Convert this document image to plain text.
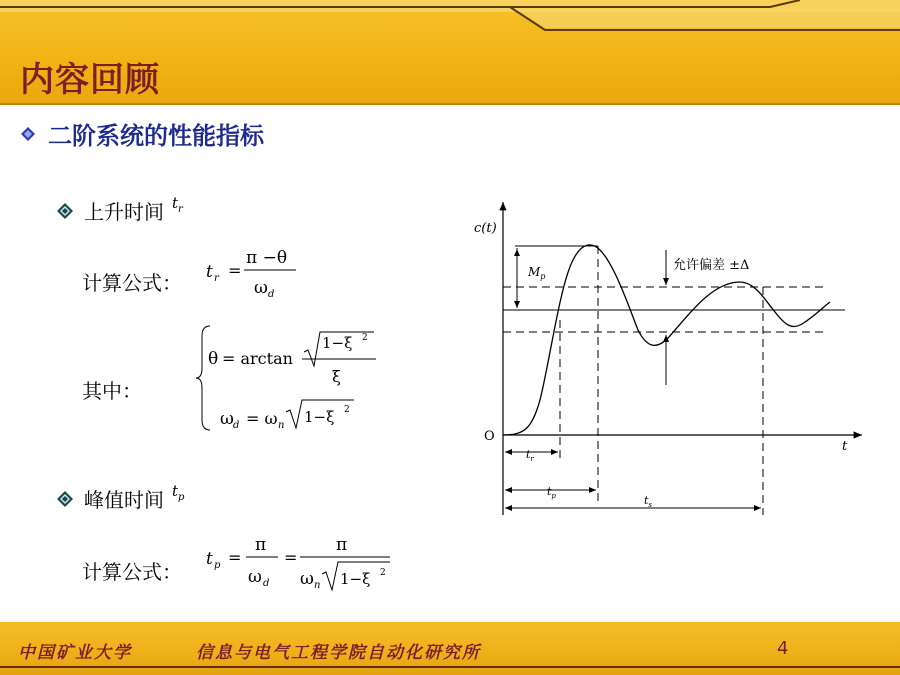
内容回顾
二阶系统的性能指标
上升时间 $t_r$
计算公式： t r =
π −θ
ω d
其中：
θ = arctan
1−ξ 2
ξ
ω d = ω n 1−ξ 2
峰值时间 $t_p$
计算公式：
t p =
π
ω d
=
π
ω n 1−ξ 2
c(t)
t
O
$M_p$
允许偏差 ±Δ
$t_r$
$t_p$	$t_s$
中国矿业大学	信息与电气工程学院自动化研究所	4
